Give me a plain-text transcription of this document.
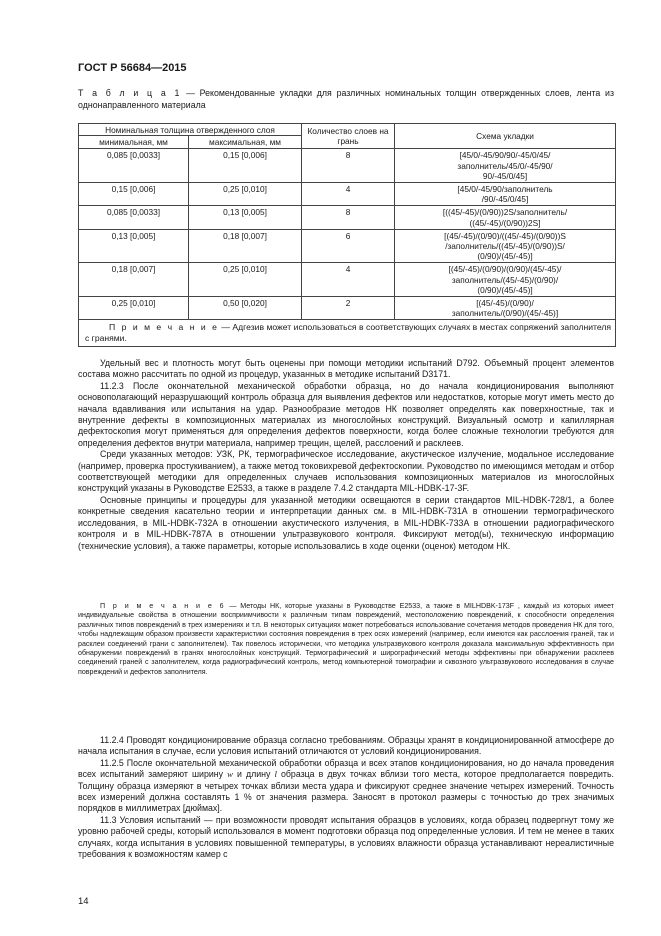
ГОСТ Р 56684—2015
Т а б л и ц а 1 — Рекомендованные укладки для различных номинальных толщин отвержденных слоев, лента из однонаправленного материала
Номинальная толщина отвержденного слоя		Количество слоев на грань	Схема укладки
минимальная, мм	максимальная, мм		
0,085 [0,0033]	0,15 [0,006]	8	[45/0/-45/90/90/-45/0/45/
заполнитель/45/0/-45/90/
90/-45/0/45]

0,15 [0,006]	0,25 [0,010]	4	[45/0/-45/90/заполнитель
/90/-45/0/45]

0,085 [0,0033]	0,13 [0,005]	8	[((45/-45)/(0/90))2S/заполнитель/
((45/-45)/(0/90))2S]

0,13 [0,005]	0,18 [0,007]	6	[(45/-45)/(0/90)/((45/-45)/(0/90))S
/заполнитель/((45/-45)/(0/90))S/
(0/90)/(45/-45)]

0,18 [0,007]	0,25 [0,010]	4	[(45/-45)/(0/90)/(0/90)/(45/-45)/
заполнитель/(45/-45)/(0/90)/
(0/90)/(45/-45)]

0,25 [0,010]	0,50 [0,020]	2	[(45/-45)/(0/90)/
заполнитель/(0/90)/(45/-45)]

П р и м е ч а н и е — Адгезив может использоваться в соответствующих случаях в местах сопряжений заполнителя с гранями.			

Удельный вес и плотность могут быть оценены при помощи методики испытаний D792. Объемный процент элементов состава можно рассчитать по одной из процедур, указанных в методике испытаний D3171.

11.2.3 После окончательной механической обработки образца, но до начала кондиционирования выполняют основополагающий неразрушающий контроль образца для выявления дефектов или недостатков, которые могут иметь место до начала вдавливания или испытания на удар. Разнообразие методов НК позволяет определять как поверхностные, так и внутренние дефекты в композиционных материалах из многослойных конструкций. Визуальный осмотр и капиллярная дефектоскопия могут применяться для определения дефектов поверхности, когда более сложные технологии требуются для определения дефектов внутри материала, например трещин, щелей, расслоений и расклеев.

Среди указанных методов: УЗК, РК, термографическое исследование, акустическое излучение, модальное исследование (например, проверка простукиванием), а также метод токовихревой дефектоскопии. Руководство по имеющимся методам и отбор соответствующей методики для определенных случаев использования композиционных материалов из многослойных конструкций указаны в Руководстве E2533, а также в разделе 7.4.2 стандарта MIL-HDBK-17-3F.

Основные принципы и процедуры для указанной методики освещаются в серии стандартов MIL-HDBK-728/1, а более конкретные сведения касательно теории и интерпретации данных см. в MIL-HDBK-731A в отношении термографического исследования, в MIL-HDBK-732A в отношении акустического излучения, в MIL-HDBK-733A в отношении радиографического контроля и в MIL-HDBK-787A в отношении ультразвукового контроля. Фиксируют метод(ы), техническую информацию (технические условия), а также параметры, которые использовались в ходе оценки (оценок) методом НК.

П р и м е ч а н и е 6 — Методы НК, которые указаны в Руководстве E2533, а также в MILHDBK-173F , каждый из которых имеет индивидуальные свойства в отношении восприимчивости к различным типам повреждений, местоположению повреждений, к способности определения различных типов повреждений в трех измерениях и т.п. В некоторых ситуациях может потребоваться использование сочетания методов проведения НК для того, чтобы надлежащим образом произвести характеристики состояния повреждения в трех осях измерений (например, если имеются как расслоения граней, так и расклеи соединений грани с заполнителем). Так повелось исторически, что методика ультразвукового контроля доказала максимальную эффективность при обнаружении повреждений в гранях многослойных конструкций. Термографический и ширографический методы эффективны при обнаружении расклеев соединений граней с заполнителем, когда радиографический контроль, метод компьютерной томографии и сквозного ультразвукового исследования в случае повреждений и дефектов заполнителя.

11.2.4 Проводят кондиционирование образца согласно требованиям. Образцы хранят в кондиционированной атмосфере до начала испытания в случае, если условия испытаний отличаются от условий кондиционирования.

11.2.5 После окончательной механической обработки образца и всех этапов кондиционирования, но до начала проведения всех испытаний замеряют ширину w и длину l образца в двух точках вблизи того места, которое предполагается повредить. Толщину образца измеряют в четырех точках вблизи места удара и фиксируют среднее значение четырех измерений. Точность всех измерений должна составлять 1 % от значения размера. Заносят в протокол размеры с точностью до трех значимых порядков в миллиметрах [дюймах].

11.3 Условия испытаний — при возможности проводят испытания образцов в условиях, когда образец подвергнут тому же уровню рабочей среды, который использовался в момент подготовки образца под определенные условия. И тем не менее в таких случаях, когда испытания в условиях повышенной температуры, в условиях влажности образца устанавливают нереалистичные требования к возможностям камер с

14
